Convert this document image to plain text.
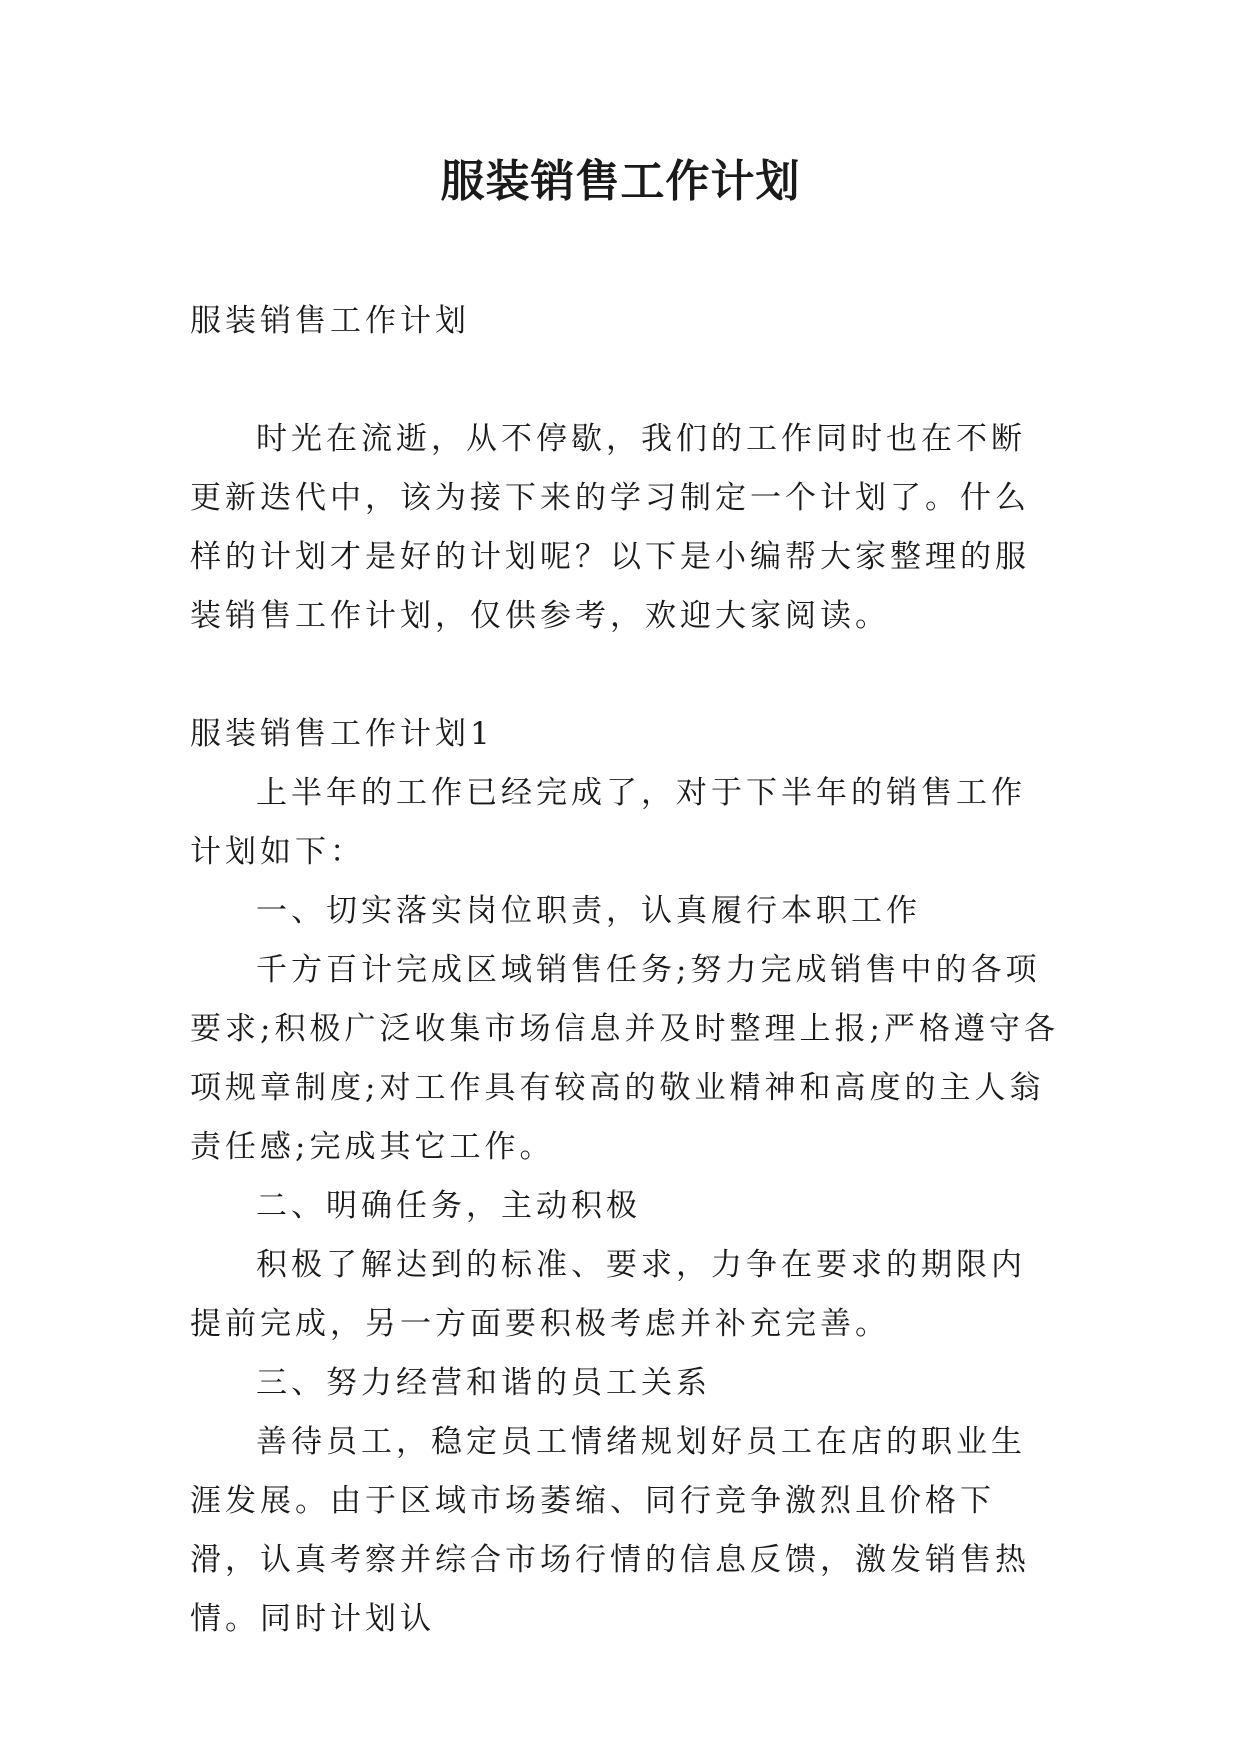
服装销售工作计划

服装销售工作计划

时光在流逝，从不停歇，我们的工作同时也在不断更新迭代中，该为接下来的学习制定一个计划了。什么样的计划才是好的计划呢？以下是小编帮大家整理的服装销售工作计划，仅供参考，欢迎大家阅读。

服装销售工作计划1

上半年的工作已经完成了，对于下半年的销售工作计划如下：

一、切实落实岗位职责，认真履行本职工作

千方百计完成区域销售任务;努力完成销售中的各项要求;积极广泛收集市场信息并及时整理上报;严格遵守各项规章制度;对工作具有较高的敬业精神和高度的主人翁责任感;完成其它工作。

二、明确任务，主动积极

积极了解达到的标准、要求，力争在要求的期限内提前完成，另一方面要积极考虑并补充完善。

三、努力经营和谐的员工关系

善待员工，稳定员工情绪规划好员工在店的职业生涯发展。由于区域市场萎缩、同行竞争激烈且价格下滑，认真考察并综合市场行情的信息反馈，激发销售热情。同时计划认
